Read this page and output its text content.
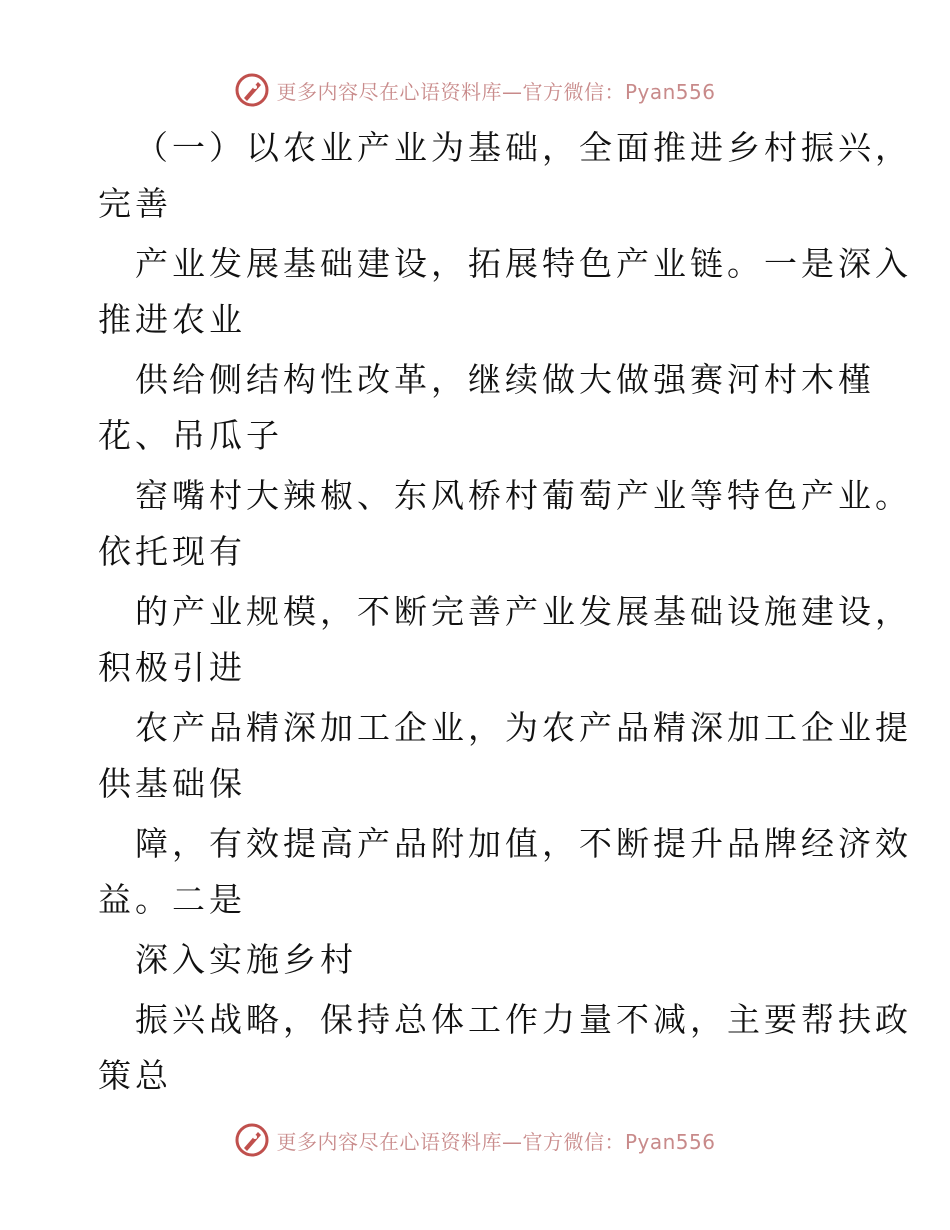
更多内容尽在心语资料库—官方微信：Pyan556
（一）以农业产业为基础，全面推进乡村振兴，
完善
产业发展基础建设，拓展特色产业链。一是深入
推进农业
供给侧结构性改革，继续做大做强赛河村木槿
花、吊瓜子
窑嘴村大辣椒、东风桥村葡萄产业等特色产业。
依托现有
的产业规模，不断完善产业发展基础设施建设，
积极引进
农产品精深加工企业，为农产品精深加工企业提
供基础保
障，有效提高产品附加值，不断提升品牌经济效
益。二是
深入实施乡村
振兴战略，保持总体工作力量不减，主要帮扶政
策总
更多内容尽在心语资料库—官方微信：Pyan556
